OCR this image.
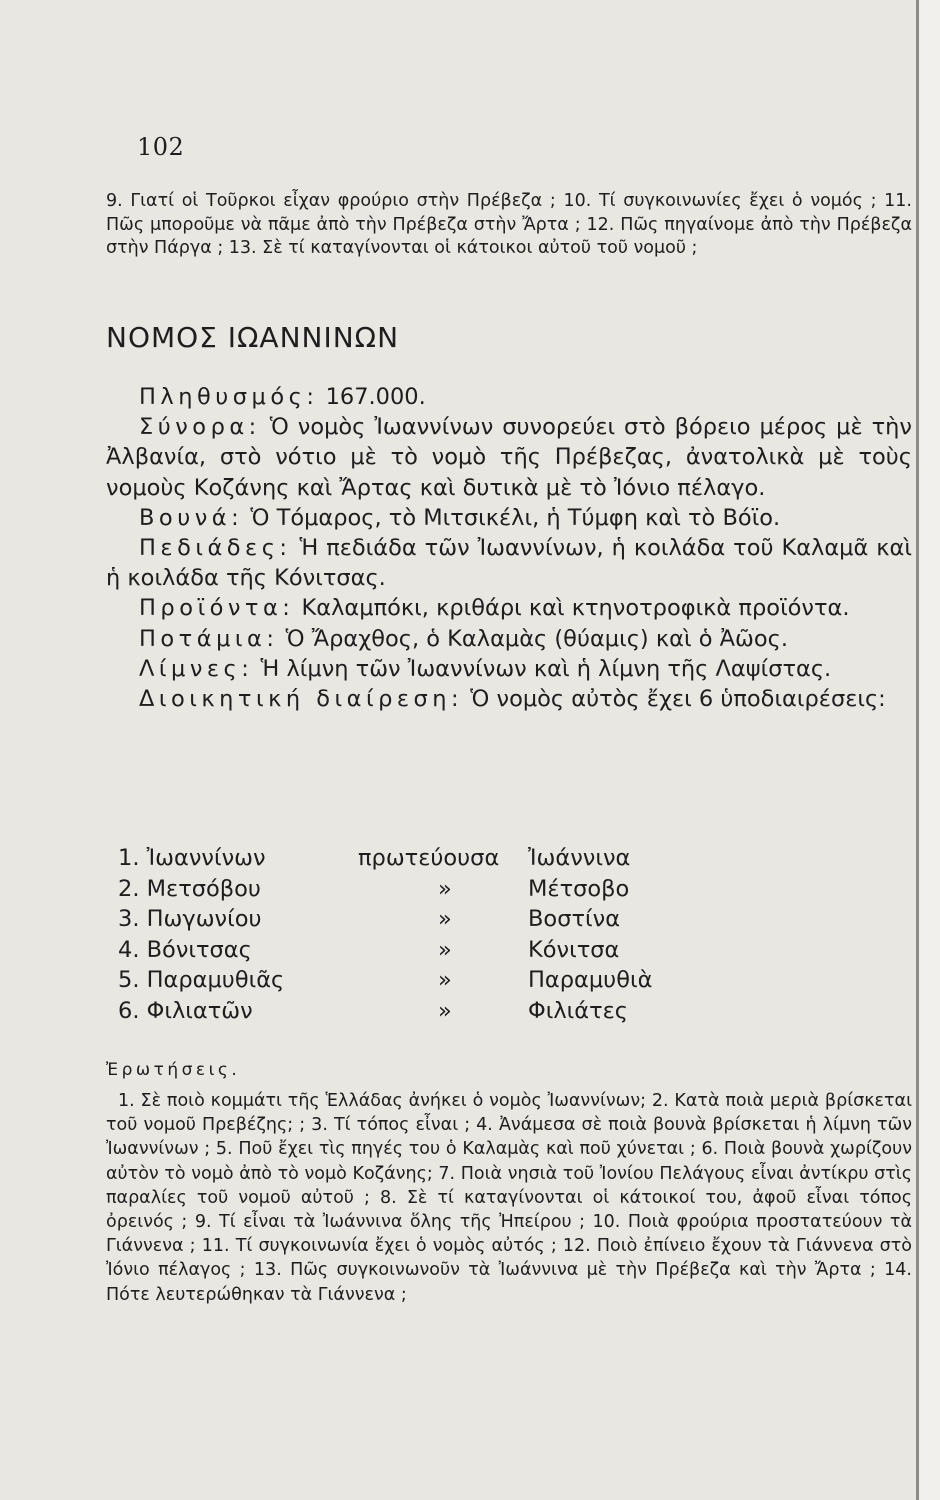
102
9. Γιατί οἱ Τοῦρκοι εἶχαν φρούριο στὴν Πρέβεζα ; 10. Τί συγκοινωνίες ἔχει ὁ νομός ; 11. Πῶς μποροῦμε νὰ πᾶμε ἀπὸ τὴν Πρέβεζα στὴν Ἄρτα ; 12. Πῶς πηγαίνομε ἀπὸ τὴν Πρέβεζα στὴν Πάργα ; 13. Σὲ τί καταγίνονται οἱ κάτοικοι αὐτοῦ τοῦ νομοῦ ;
ΝΟΜΟΣ ΙΩΑΝΝΙΝΩΝ

Πληθυσμός: 167.000.

Σύνορα: Ὁ νομὸς Ἰωαννίνων συνορεύει στὸ βόρειο μέρος μὲ τὴν Ἀλβανία, στὸ νότιο μὲ τὸ νομὸ τῆς Πρέβεζας, ἀνατολικὰ μὲ τοὺς νομοὺς Κοζάνης καὶ Ἄρτας καὶ δυτικὰ μὲ τὸ Ἰόνιο πέλαγο.

Βουνά: Ὁ Τόμαρος, τὸ Μιτσικέλι, ἡ Τύμφη καὶ τὸ Βόϊο.

Πεδιάδες: Ἡ πεδιάδα τῶν Ἰωαννίνων, ἡ κοιλάδα τοῦ Καλαμᾶ καὶ ἡ κοιλάδα τῆς Κόνιτσας.

Προϊόντα: Καλαμπόκι, κριθάρι καὶ κτηνοτροφικὰ προϊόντα.

Ποτάμια: Ὁ Ἄραχθος, ὁ Καλαμὰς (θύαμις) καὶ ὁ Ἀῶος.

Λίμνες: Ἡ λίμνη τῶν Ἰωαννίνων καὶ ἡ λίμνη τῆς Λαψίστας.

Διοικητική διαίρεση: Ὁ νομὸς αὐτὸς ἔχει 6 ὑποδιαιρέσεις:

1. Ἰωαννίνων	πρωτεύουσα	Ἰωάννινα
2. Μετσόβου	»	Μέτσοβο
3. Πωγωνίου	»	Βοστίνα
4. Βόνιτσας	»	Κόνιτσα
5. Παραμυθιᾶς	»	Παραμυθιὰ
6. Φιλιατῶν	»	Φιλιάτες
Ἐρωτήσεις.

1. Σὲ ποιὸ κομμάτι τῆς Ἑλλάδας ἀνήκει ὁ νομὸς Ἰωαννίνων; 2. Κατὰ ποιὰ μεριὰ βρίσκεται τοῦ νομοῦ Πρεβέζης; ; 3. Τί τόπος εἶναι ; 4. Ἀνάμεσα σὲ ποιὰ βουνὰ βρίσκεται ἡ λίμνη τῶν Ἰωαννίνων ; 5. Ποῦ ἔχει τὶς πηγές του ὁ Καλαμὰς καὶ ποῦ χύνεται ; 6. Ποιὰ βουνὰ χωρίζουν αὐτὸν τὸ νομὸ ἀπὸ τὸ νομὸ Κοζάνης; 7. Ποιὰ νησιὰ τοῦ Ἰονίου Πελάγους εἶναι ἀντίκρυ στὶς παραλίες τοῦ νομοῦ αὐτοῦ ; 8. Σὲ τί καταγίνονται οἱ κάτοικοί του, ἀφοῦ εἶναι τόπος ὀρεινός ; 9. Τί εἶναι τὰ Ἰωάννινα ὅλης τῆς Ἠπείρου ; 10. Ποιὰ φρούρια προστατεύουν τὰ Γιάννενα ; 11. Τί συγκοινωνία ἔχει ὁ νομὸς αὐτός ; 12. Ποιὸ ἐπίνειο ἔχουν τὰ Γιάννενα στὸ Ἰόνιο πέλαγος ; 13. Πῶς συγκοινωνοῦν τὰ Ἰωάννινα μὲ τὴν Πρέβεζα καὶ τὴν Ἄρτα ; 14. Πότε λευτερώθηκαν τὰ Γιάννενα ;
